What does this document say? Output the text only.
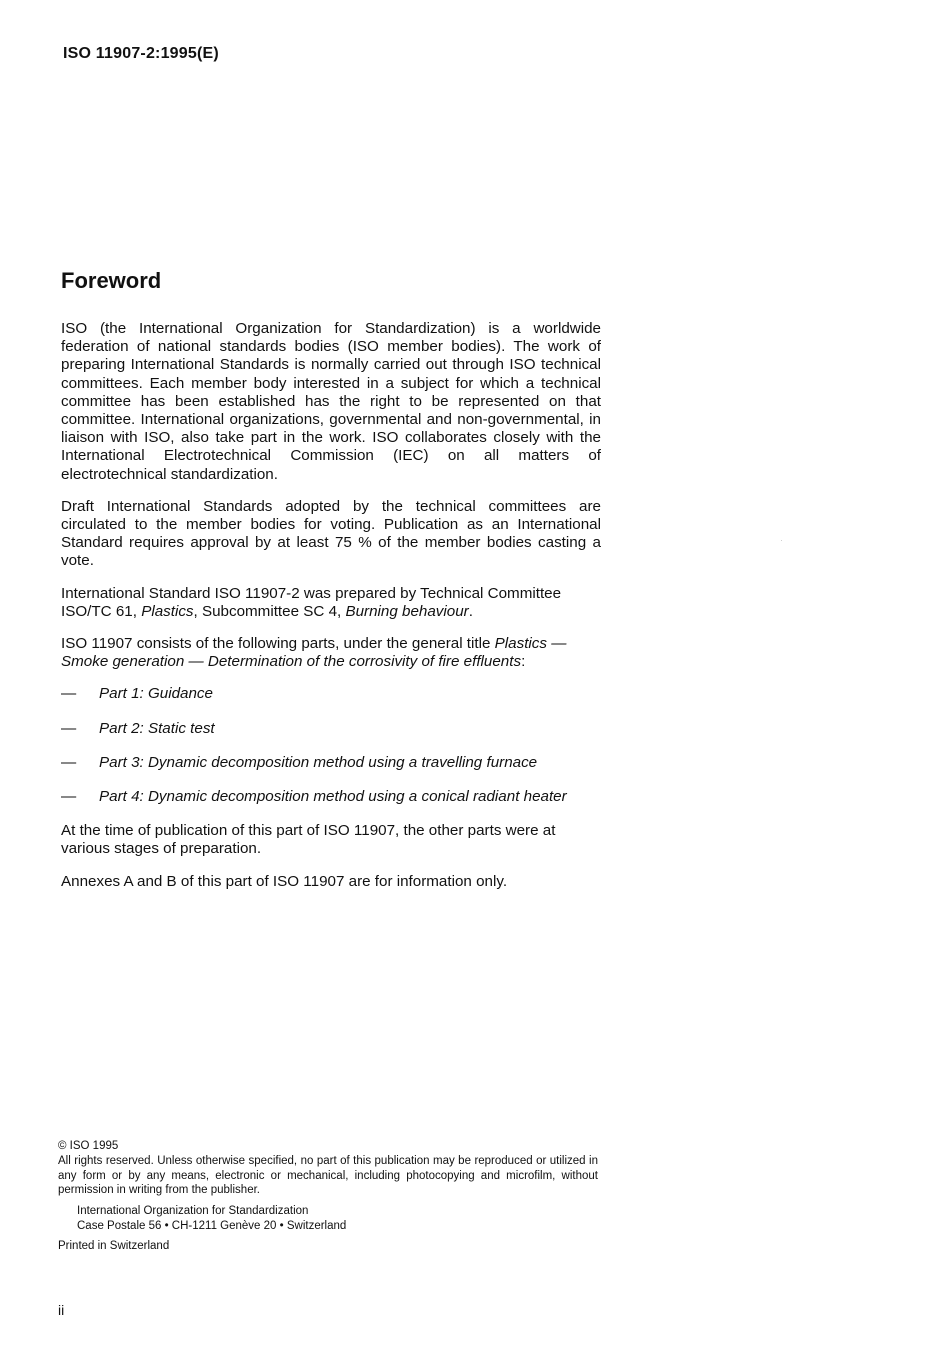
ISO 11907-2:1995(E)
Foreword

ISO (the International Organization for Standardization) is a worldwide federation of national standards bodies (ISO member bodies). The work of preparing International Standards is normally carried out through ISO technical committees. Each member body interested in a subject for which a technical committee has been established has the right to be represented on that committee. International organizations, governmental and non-governmental, in liaison with ISO, also take part in the work. ISO collaborates closely with the International Electrotechnical Commission (IEC) on all matters of electrotechnical standardization.

Draft International Standards adopted by the technical committees are circulated to the member bodies for voting. Publication as an International Standard requires approval by at least 75 % of the member bodies casting a vote.

International Standard ISO 11907-2 was prepared by Technical Committee ISO/TC 61, Plastics, Subcommittee SC 4, Burning behaviour.

ISO 11907 consists of the following parts, under the general title Plastics — Smoke generation — Determination of the corrosivity of fire effluents:

— Part 1: Guidance
— Part 2: Static test
— Part 3: Dynamic decomposition method using a travelling furnace
— Part 4: Dynamic decomposition method using a conical radiant heater

At the time of publication of this part of ISO 11907, the other parts were at various stages of preparation.

Annexes A and B of this part of ISO 11907 are for information only.

© ISO 1995

All rights reserved. Unless otherwise specified, no part of this publication may be reproduced or utilized in any form or by any means, electronic or mechanical, including photocopying and microfilm, without permission in writing from the publisher.

International Organization for Standardization
Case Postale 56 • CH-1211 Genève 20 • Switzerland
Printed in Switzerland
ii
